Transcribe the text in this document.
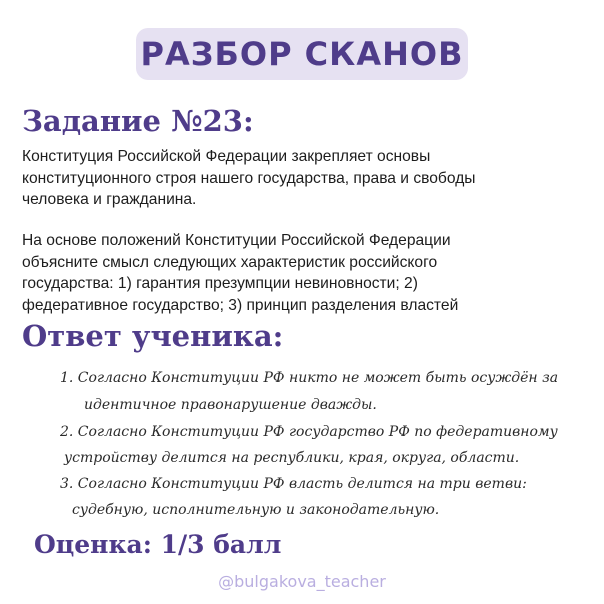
РАЗБОР СКАНОВ
Задание №23:
Конституция Российской Федерации закрепляет основы
конституционного строя нашего государства, права и свободы
человека и гражданина.
На основе положений Конституции Российской Федерации
объясните смысл следующих характеристик российского
государства: 1) гарантия презумпции невиновности; 2)
федеративное государство; 3) принцип разделения властей
Ответ ученика:

1. Согласно Конституции РФ никто не может быть осуждён за

идентичное правонарушение дважды.

2. Согласно Конституции РФ государство РФ по федеративному

устройству делится на республики, края, округа, области.

3. Согласно Конституции РФ власть делится на три ветви:

судебную, исполнительную и законодательную.

Оценка: 1/3 балл
@bulgakova_teacher
